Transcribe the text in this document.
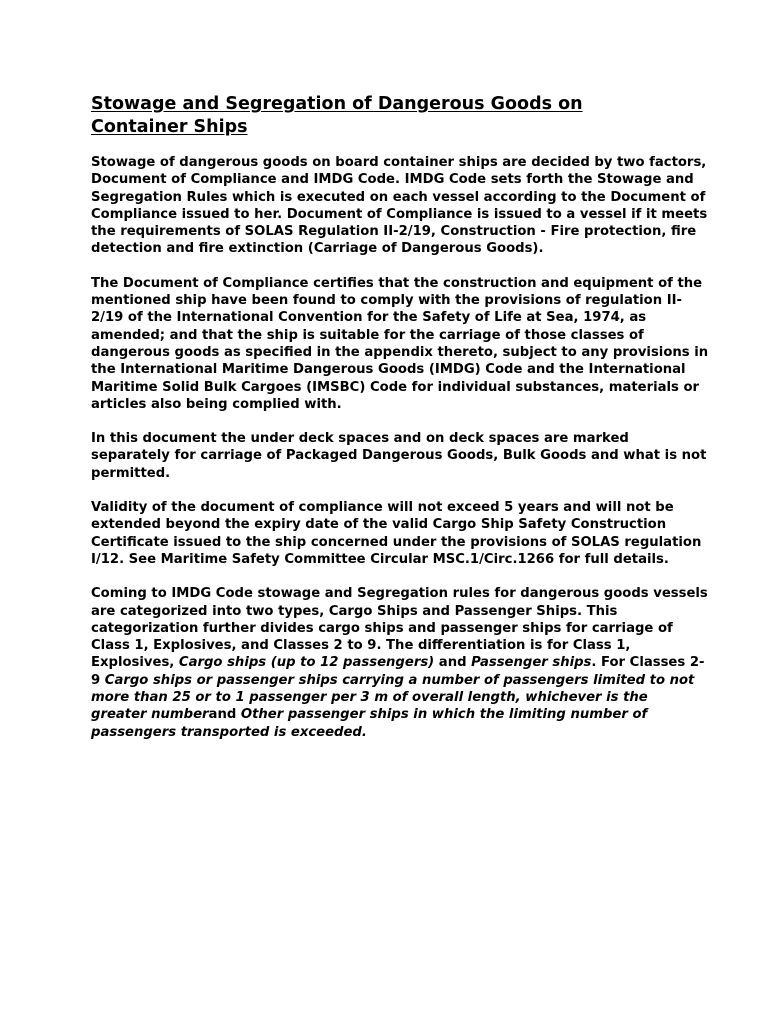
Stowage and Segregation of Dangerous Goods on
Container Ships

Stowage of dangerous goods on board container ships are decided by two factors,
Document of Compliance and IMDG Code. IMDG Code sets forth the Stowage and
Segregation Rules which is executed on each vessel according to the Document of
Compliance issued to her. Document of Compliance is issued to a vessel if it meets
the requirements of SOLAS Regulation II-2/19, Construction - Fire protection, fire
detection and fire extinction (Carriage of Dangerous Goods).

The Document of Compliance certifies that the construction and equipment of the
mentioned ship have been found to comply with the provisions of regulation II-
2/19 of the International Convention for the Safety of Life at Sea, 1974, as
amended; and that the ship is suitable for the carriage of those classes of
dangerous goods as specified in the appendix thereto, subject to any provisions in
the International Maritime Dangerous Goods (IMDG) Code and the International
Maritime Solid Bulk Cargoes (IMSBC) Code for individual substances, materials or
articles also being complied with.

In this document the under deck spaces and on deck spaces are marked
separately for carriage of Packaged Dangerous Goods, Bulk Goods and what is not
permitted.

Validity of the document of compliance will not exceed 5 years and will not be
extended beyond the expiry date of the valid Cargo Ship Safety Construction
Certificate issued to the ship concerned under the provisions of SOLAS regulation
I/12. See Maritime Safety Committee Circular MSC.1/Circ.1266 for full details.

Coming to IMDG Code stowage and Segregation rules for dangerous goods vessels
are categorized into two types, Cargo Ships and Passenger Ships. This
categorization further divides cargo ships and passenger ships for carriage of
Class 1, Explosives, and Classes 2 to 9. The differentiation is for Class 1,
Explosives, Cargo ships (up to 12 passengers) and Passenger ships. For Classes 2-
9 Cargo ships or passenger ships carrying a number of passengers limited to not
more than 25 or to 1 passenger per 3 m of overall length, whichever is the
greater numberand Other passenger ships in which the limiting number of
passengers transported is exceeded.
